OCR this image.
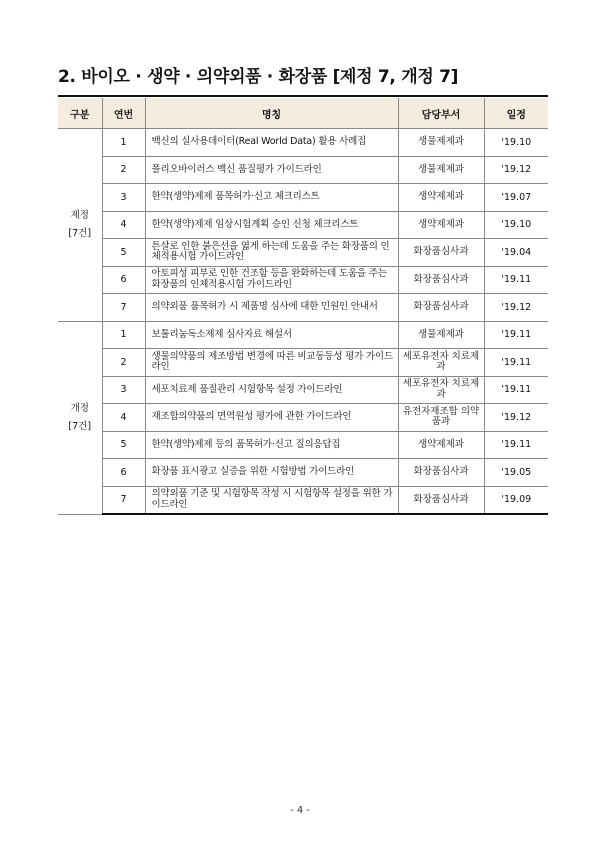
2. 바이오 · 생약 · 의약외품 · 화장품 [제정 7, 개정 7]
구분	연번	명칭	담당부서	일정

제정
[7건]	1	백신의 실사용데이터(Real World Data) 활용 사례집	생물제제과	'19.10
	2	폴리오바이러스 백신 품질평가 가이드라인	생물제제과	'19.12
	3	한약(생약)제제 품목허가·신고 체크리스트	생약제제과	'19.07
	4	한약(생약)제제 임상시험계획 승인 신청 체크리스트	생약제제과	'19.10
	5	튼살로 인한 붉은선을 엷게 하는데 도움을 주는 화장품의 인체적용시험 가이드라인	화장품심사과	'19.04
	6	아토피성 피부로 인한 건조함 등을 완화하는데 도움을 주는 화장품의 인체적용시험 가이드라인	화장품심사과	'19.11
	7	의약외품 품목허가 시 제품명 심사에 대한 민원인 안내서	화장품심사과	'19.12

개정
[7건]	1	보툴리눔독소제제 심사자료 해설서	생물제제과	'19.11
	2	생물의약품의 제조방법 변경에 따른 비교동등성 평가 가이드라인	세포유전자 치료제과	'19.11
	3	세포치료제 품질관리 시험항목 설정 가이드라인	세포유전자 치료제과	'19.11
	4	재조합의약품의 면역원성 평가에 관한 가이드라인	유전자재조합 의약품과	'19.12
	5	한약(생약)제제 등의 품목허가·신고 질의응답집	생약제제과	'19.11
	6	화장품 표시광고 실증을 위한 시험방법 가이드라인	화장품심사과	'19.05
	7	의약외품 기준 및 시험항목 작성 시 시험항목 설정을 위한 가이드라인	화장품심사과	'19.09
- 4 -
